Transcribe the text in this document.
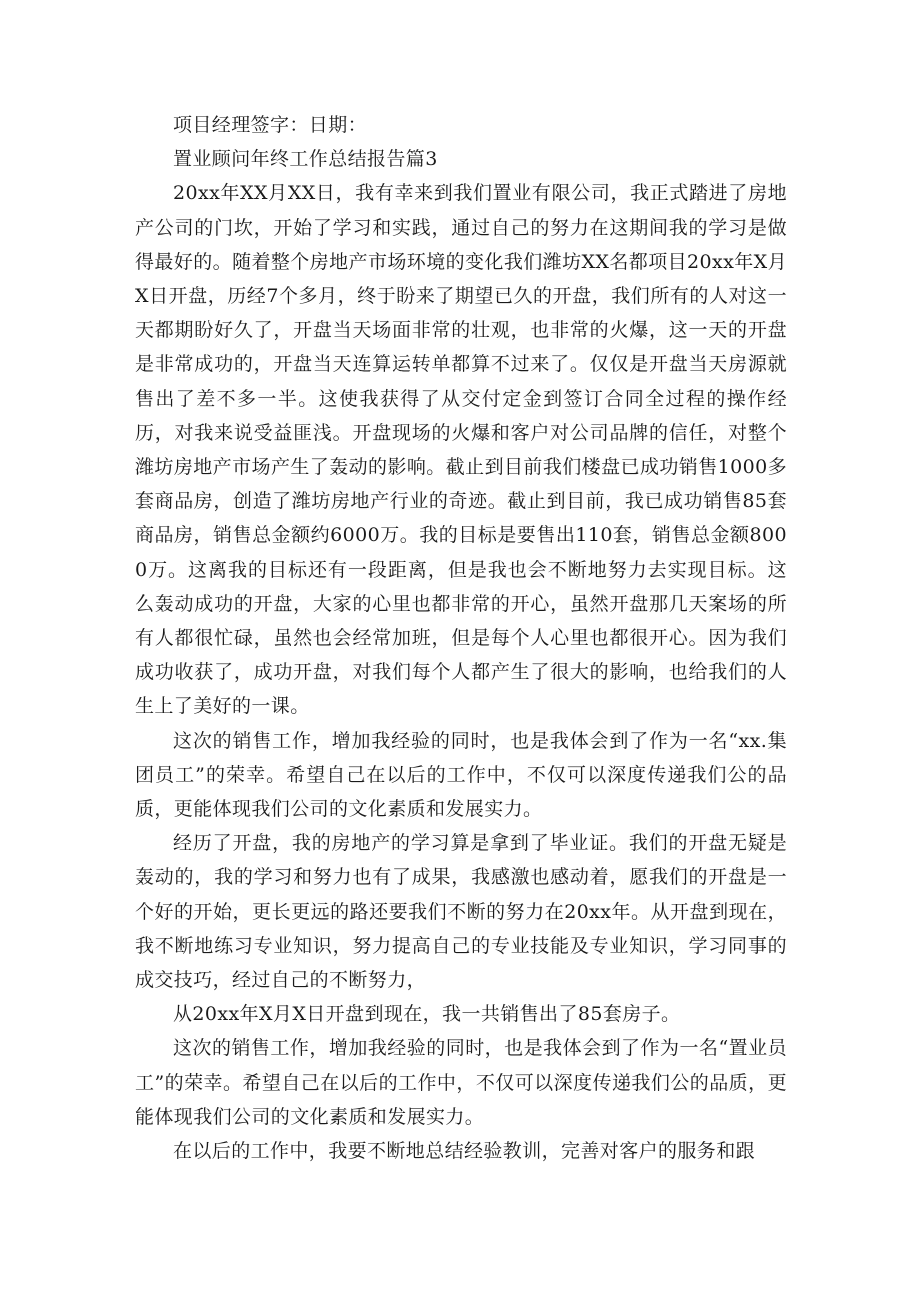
项目经理签字：日期：

置业顾问年终工作总结报告篇3

20xx年XX月XX日，我有幸来到我们置业有限公司，我正式踏进了房地产公司的门坎，开始了学习和实践，通过自己的努力在这期间我的学习是做得最好的。随着整个房地产市场环境的变化我们潍坊XX名都项目20xx年X月X日开盘，历经7个多月，终于盼来了期望已久的开盘，我们所有的人对这一天都期盼好久了，开盘当天场面非常的壮观，也非常的火爆，这一天的开盘是非常成功的，开盘当天连算运转单都算不过来了。仅仅是开盘当天房源就售出了差不多一半。这使我获得了从交付定金到签订合同全过程的操作经历，对我来说受益匪浅。开盘现场的火爆和客户对公司品牌的信任，对整个潍坊房地产市场产生了轰动的影响。截止到目前我们楼盘已成功销售1000多套商品房，创造了潍坊房地产行业的奇迹。截止到目前，我已成功销售85套商品房，销售总金额约6000万。我的目标是要售出110套，销售总金额8000万。这离我的目标还有一段距离，但是我也会不断地努力去实现目标。这么轰动成功的开盘，大家的心里也都非常的开心，虽然开盘那几天案场的所有人都很忙碌，虽然也会经常加班，但是每个人心里也都很开心。因为我们成功收获了，成功开盘，对我们每个人都产生了很大的影响，也给我们的人生上了美好的一课。

这次的销售工作，增加我经验的同时，也是我体会到了作为一名“xx.集团员工”的荣幸。希望自己在以后的工作中，不仅可以深度传递我们公的品质，更能体现我们公司的文化素质和发展实力。

经历了开盘，我的房地产的学习算是拿到了毕业证。我们的开盘无疑是轰动的，我的学习和努力也有了成果，我感激也感动着，愿我们的开盘是一个好的开始，更长更远的路还要我们不断的努力在20xx年。从开盘到现在，我不断地练习专业知识，努力提高自己的专业技能及专业知识，学习同事的成交技巧，经过自己的不断努力，

从20xx年X月X日开盘到现在，我一共销售出了85套房子。

这次的销售工作，增加我经验的同时，也是我体会到了作为一名“置业员工”的荣幸。希望自己在以后的工作中，不仅可以深度传递我们公的品质，更能体现我们公司的文化素质和发展实力。

在以后的工作中，我要不断地总结经验教训，完善对客户的服务和跟
